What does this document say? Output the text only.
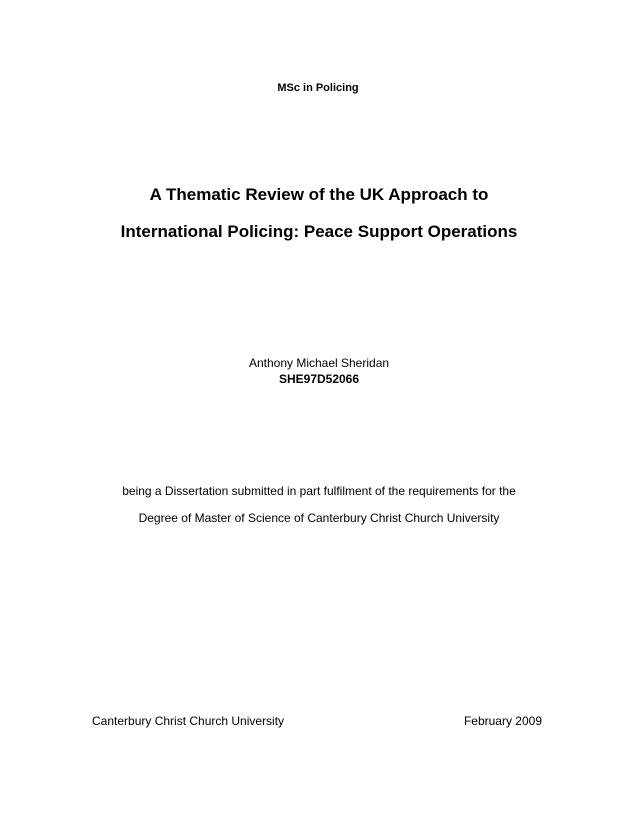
MSc in Policing
A Thematic Review of the UK Approach to
International Policing: Peace Support Operations
Anthony Michael Sheridan
SHE97D52066
being a Dissertation submitted in part fulfilment of the requirements for the
Degree of Master of Science of Canterbury Christ Church University
Canterbury Christ Church University	February 2009
